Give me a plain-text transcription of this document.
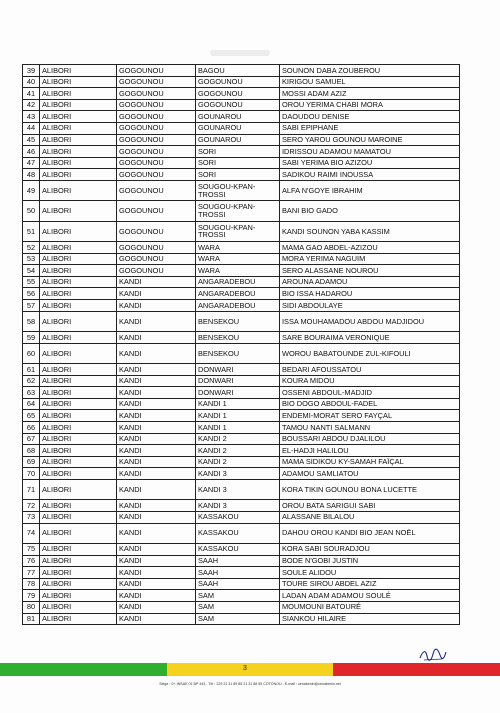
39	ALIBORI	GOGOUNOU	BAGOU	SOUNON DABA ZOUBEROU
40	ALIBORI	GOGOUNOU	GOGOUNOU	KIRIGOU SAMUEL
41	ALIBORI	GOGOUNOU	GOGOUNOU	MOSSI ADAM AZIZ
42	ALIBORI	GOGOUNOU	GOGOUNOU	OROU YERIMA CHABI MORA
43	ALIBORI	GOGOUNOU	GOUNAROU	DAOUDOU DENISE
44	ALIBORI	GOGOUNOU	GOUNAROU	SABI EPIPHANE
45	ALIBORI	GOGOUNOU	GOUNAROU	SERO YAROU GOUNOU MAROINE
46	ALIBORI	GOGOUNOU	SORI	IDRISSOU ADAMOU MAMATOU
47	ALIBORI	GOGOUNOU	SORI	SABI YERIMA BIO AZIZOU
48	ALIBORI	GOGOUNOU	SORI	SADIKOU RAIMI INOUSSA
49	ALIBORI	GOGOUNOU	SOUGOU-KPAN-TROSSI	ALFA N'GOYE IBRAHIM
50	ALIBORI	GOGOUNOU	SOUGOU-KPAN-TROSSI	BANI BIO GADO
51	ALIBORI	GOGOUNOU	SOUGOU-KPAN-TROSSI	KANDI SOUNON YABA KASSIM
52	ALIBORI	GOGOUNOU	WARA	MAMA GAO ABDEL-AZIZOU
53	ALIBORI	GOGOUNOU	WARA	MORA YERIMA NAGUIM
54	ALIBORI	GOGOUNOU	WARA	SERO ALASSANE NOUROU
55	ALIBORI	KANDI	ANGARADEBOU	AROUNA ADAMOU
56	ALIBORI	KANDI	ANGARADEBOU	BIO ISSA HADAROU
57	ALIBORI	KANDI	ANGARADEBOU	SIDI ABDOULAYE
58	ALIBORI	KANDI	BENSEKOU	ISSA MOUHAMADOU ABDOU MADJIDOU
59	ALIBORI	KANDI	BENSEKOU	SARE BOURAIMA VERONIQUE
60	ALIBORI	KANDI	BENSEKOU	WOROU BABATOUNDE ZUL-KIFOULI
61	ALIBORI	KANDI	DONWARI	BEDARI AFOUSSATOU
62	ALIBORI	KANDI	DONWARI	KOURA MIDOU
63	ALIBORI	KANDI	DONWARI	OSSENI ABDOUL-MADJID
64	ALIBORI	KANDI	KANDI 1	BIO DOGO ABDOUL-FADEL
65	ALIBORI	KANDI	KANDI 1	ENDEMI-MORAT SERO FAYÇAL
66	ALIBORI	KANDI	KANDI 1	TAMOU NANTI SALMANN
67	ALIBORI	KANDI	KANDI 2	BOUSSARI ABDOU DJALILOU
68	ALIBORI	KANDI	KANDI 2	EL-HADJI HALILOU
69	ALIBORI	KANDI	KANDI 2	MAMA SIDIKOU KY-SAMAH FAÏÇAL
70	ALIBORI	KANDI	KANDI 3	ADAMOU SAMLIATOU
71	ALIBORI	KANDI	KANDI 3	KORA TIKIN GOUNOU BONA LUCETTE
72	ALIBORI	KANDI	KANDI 3	OROU BATA SARIGUI SABI
73	ALIBORI	KANDI	KASSAKOU	ALASSANE BILALOU
74	ALIBORI	KANDI	KASSAKOU	DAHOU OROU KANDI BIO JEAN NOËL
75	ALIBORI	KANDI	KASSAKOU	KORA SABI SOURADJOU
76	ALIBORI	KANDI	SAAH	BODE N'GOBI JUSTIN
77	ALIBORI	KANDI	SAAH	SOULE ALIDOU
78	ALIBORI	KANDI	SAAH	TOURE SIROU ABDEL AZIZ
79	ALIBORI	KANDI	SAM	LADAN ADAM ADAMOU SOULÉ
80	ALIBORI	KANDI	SAM	MOUMOUNI BATOURÉ
81	ALIBORI	KANDI	SAM	SIANKOU HILAIRE
3
Siège : 0+-INSAE 01 BP 443 - Tél : 229 21 31 89 85 21 31 88 55 COTONOU - E-mail : cenabenin@cenabenin.net
